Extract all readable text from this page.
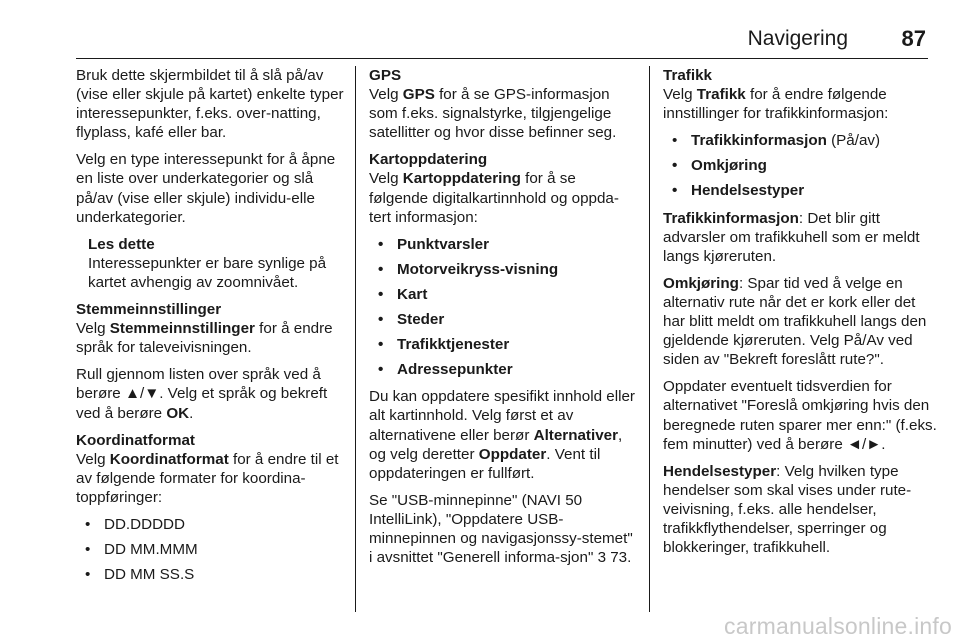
Navigering 87

Bruk dette skjermbildet til å slå på/av (vise eller skjule på kartet) enkelte typer interessepunkter, f.eks. over-natting, flyplass, kafé eller bar.

Velg en type interessepunkt for å åpne en liste over underkategorier og slå på/av (vise eller skjule) individu-elle underkategorier.

Les dette
Interessepunkter er bare synlige på kartet avhengig av zoomnivået.
Stemmeinnstillinger

Velg Stemmeinnstillinger for å endre språk for taleveivisningen.

Rull gjennom listen over språk ved å berøre ▲/▼. Velg et språk og bekreft ved å berøre OK.

Koordinatformat

Velg Koordinatformat for å endre til et av følgende formater for koordina-toppføringer:

• DD.DDDDD
• DD MM.MMM
• DD MM SS.S
GPS

Velg GPS for å se GPS-informasjon som f.eks. signalstyrke, tilgjengelige satellitter og hvor disse befinner seg.

Kartoppdatering

Velg Kartoppdatering for å se følgende digitalkartinnhold og oppda-tert informasjon:

• Punktvarsler
• Motorveikryss-visning
• Kart
• Steder
• Trafikktjenester
• Adressepunkter

Du kan oppdatere spesifikt innhold eller alt kartinnhold. Velg først et av alternativene eller berør Alternativer, og velg deretter Oppdater. Vent til oppdateringen er fullført.

Se "USB-minnepinne" (NAVI 50 IntelliLink), "Oppdatere USB-minnepinnen og navigasjonssy-stemet" i avsnittet "Generell informa-sjon" 3 73.

Trafikk

Velg Trafikk for å endre følgende innstillinger for trafikkinformasjon:

• Trafikkinformasjon (På/av)
• Omkjøring
• Hendelsestyper

Trafikkinformasjon: Det blir gitt advarsler om trafikkuhell som er meldt langs kjøreruten.

Omkjøring: Spar tid ved å velge en alternativ rute når det er kork eller det har blitt meldt om trafikkuhell langs den gjeldende kjøreruten. Velg På/Av ved siden av "Bekreft foreslått rute?".

Oppdater eventuelt tidsverdien for alternativet "Foreslå omkjøring hvis den beregnede ruten sparer mer enn:" (f.eks. fem minutter) ved å berøre ◄/►.

Hendelsestyper: Velg hvilken type hendelser som skal vises under rute-veivisning, f.eks. alle hendelser, trafikkflythendelser, sperringer og blokkeringer, trafikkuhell.

carmanualsonline.info
